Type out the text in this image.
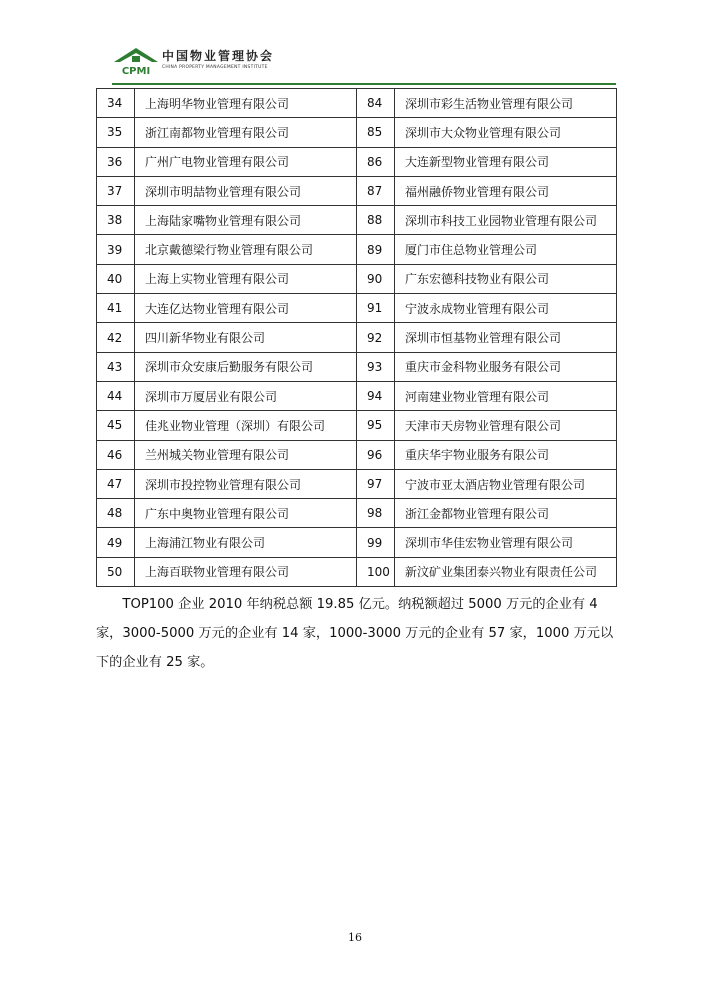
CPMI
中国物业管理协会
CHINA PROPERTY MANAGEMENT INSTITUTE
34	上海明华物业管理有限公司	84	深圳市彩生活物业管理有限公司
35	浙江南都物业管理有限公司	85	深圳市大众物业管理有限公司
36	广州广电物业管理有限公司	86	大连新型物业管理有限公司
37	深圳市明喆物业管理有限公司	87	福州融侨物业管理有限公司
38	上海陆家嘴物业管理有限公司	88	深圳市科技工业园物业管理有限公司
39	北京戴德梁行物业管理有限公司	89	厦门市住总物业管理公司
40	上海上实物业管理有限公司	90	广东宏德科技物业有限公司
41	大连亿达物业管理有限公司	91	宁波永成物业管理有限公司
42	四川新华物业有限公司	92	深圳市恒基物业管理有限公司
43	深圳市众安康后勤服务有限公司	93	重庆市金科物业服务有限公司
44	深圳市万厦居业有限公司	94	河南建业物业管理有限公司
45	佳兆业物业管理（深圳）有限公司	95	天津市天房物业管理有限公司
46	兰州城关物业管理有限公司	96	重庆华宇物业服务有限公司
47	深圳市投控物业管理有限公司	97	宁波市亚太酒店物业管理有限公司
48	广东中奥物业管理有限公司	98	浙江金都物业管理有限公司
49	上海浦江物业有限公司	99	深圳市华佳宏物业管理有限公司
50	上海百联物业管理有限公司	100	新汶矿业集团泰兴物业有限责任公司

TOP100 企业 2010 年纳税总额 19.85 亿元。纳税额超过 5000 万元的企业有 4 家，3000-5000 万元的企业有 14 家，1000-3000 万元的企业有 57 家，1000 万元以下的企业有 25 家。

16
